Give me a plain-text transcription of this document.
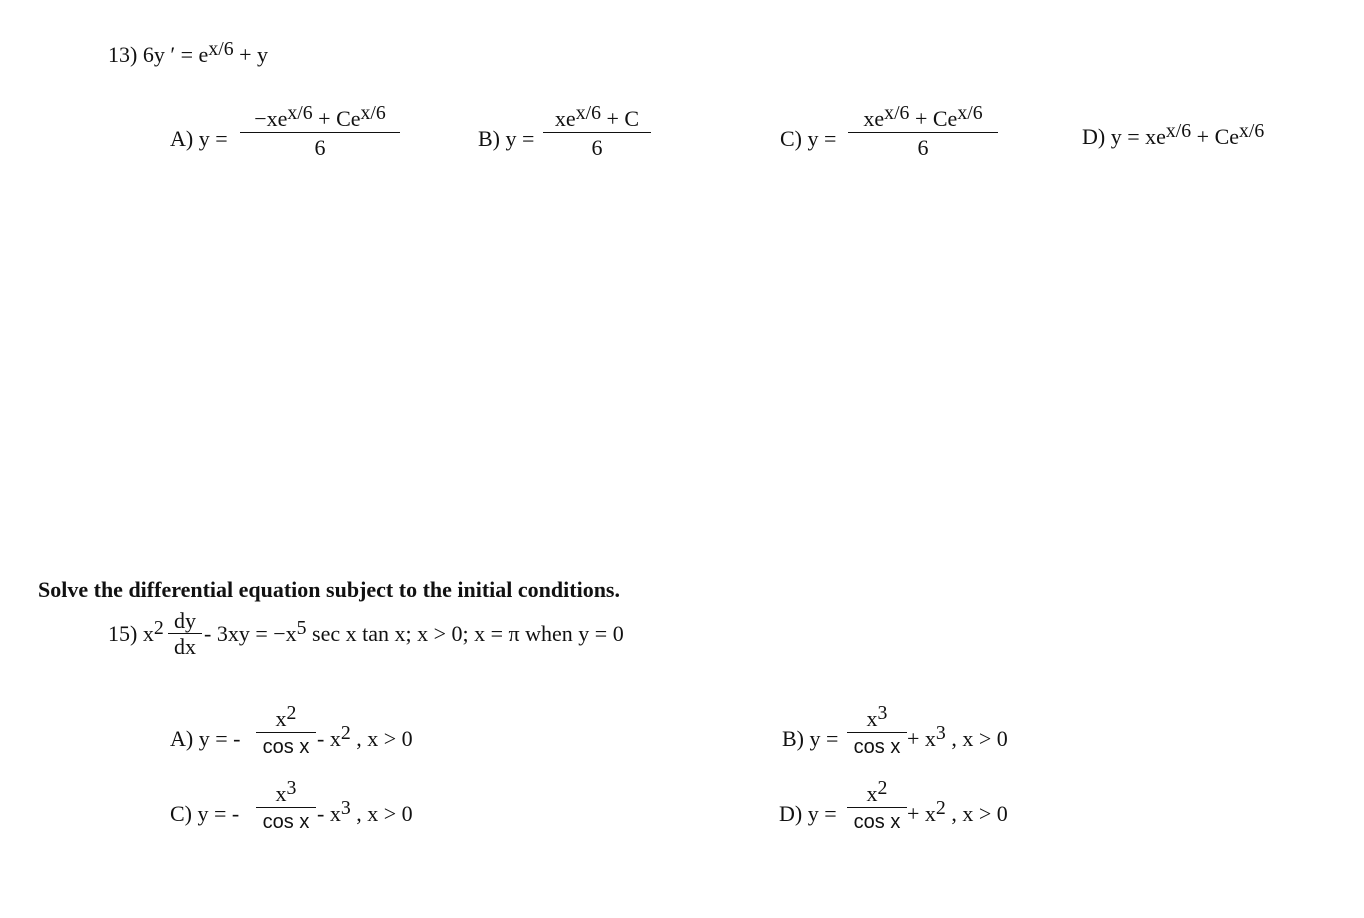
13) 6y ′ = $e^{x/6} + y$
A) y =
$-xe^{x/6} + Ce^{x/6}$
6	B) y =
$xe^{x/6} + C$
6	C) y =
$xe^{x/6} + Ce^{x/6}$
6	D) $y = xe^{x/6} + Ce^{x/6}$
Solve the differential equation subject to the initial conditions.
15) $x^2$ dy
dx
- $3xy = -x^5$ sec x tan x; x > 0; x = π when y = 0
A) y = -
$x^2$
cos x - $x^2$ , x > 0	B) y =
$x^3$
$\cos x + x^3$ , x > 0
C) y = -
$x^3$
cos x - $x^3$ , x > 0	D) y =
$x^2$
$\cos x + x^2$ , x > 0
